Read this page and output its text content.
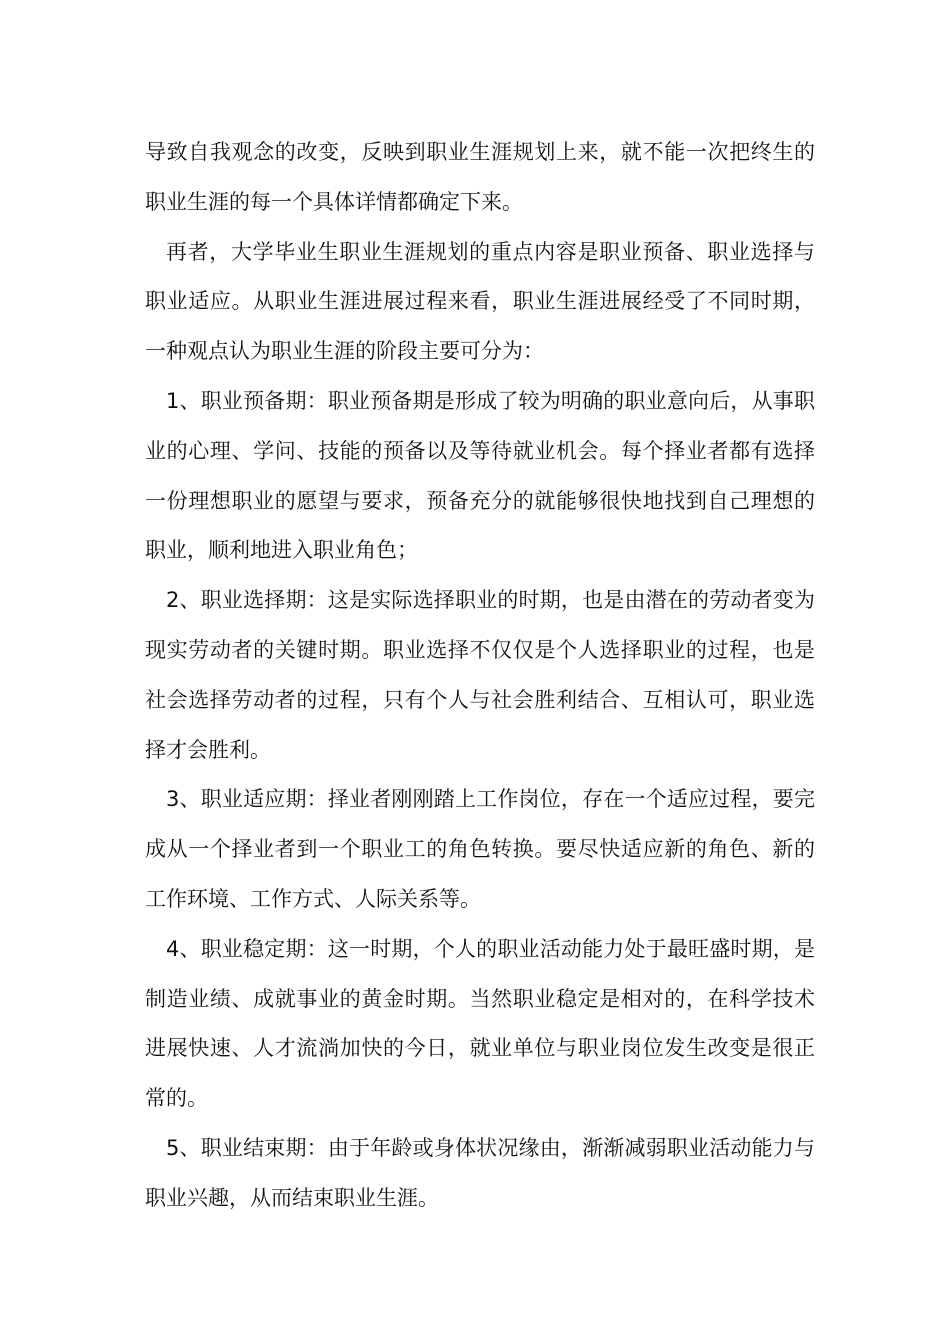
导致自我观念的改变，反映到职业生涯规划上来，就不能一次把终生的职业生涯的每一个具体详情都确定下来。

再者，大学毕业生职业生涯规划的重点内容是职业预备、职业选择与职业适应。从职业生涯进展过程来看，职业生涯进展经受了不同时期，一种观点认为职业生涯的阶段主要可分为：

1、职业预备期：职业预备期是形成了较为明确的职业意向后，从事职业的心理、学问、技能的预备以及等待就业机会。每个择业者都有选择一份理想职业的愿望与要求，预备充分的就能够很快地找到自己理想的职业，顺利地进入职业角色；

2、职业选择期：这是实际选择职业的时期，也是由潜在的劳动者变为现实劳动者的关键时期。职业选择不仅仅是个人选择职业的过程，也是社会选择劳动者的过程，只有个人与社会胜利结合、互相认可，职业选择才会胜利。

3、职业适应期：择业者刚刚踏上工作岗位，存在一个适应过程，要完成从一个择业者到一个职业工的角色转换。要尽快适应新的角色、新的工作环境、工作方式、人际关系等。

4、职业稳定期：这一时期，个人的职业活动能力处于最旺盛时期，是制造业绩、成就事业的黄金时期。当然职业稳定是相对的，在科学技术进展快速、人才流淌加快的今日，就业单位与职业岗位发生改变是很正常的。

5、职业结束期：由于年龄或身体状况缘由，渐渐减弱职业活动能力与职业兴趣，从而结束职业生涯。
